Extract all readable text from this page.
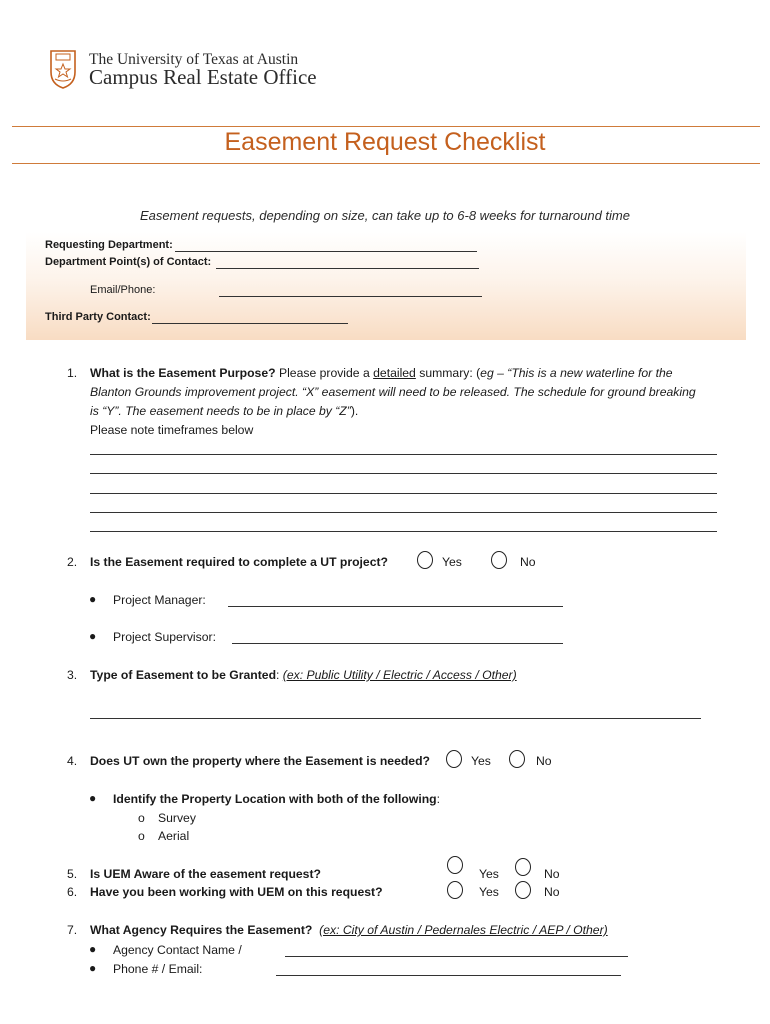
The University of Texas at Austin
Campus Real Estate Office
Easement Request Checklist
Easement requests, depending on size, can take up to 6-8 weeks for turnaround time
Requesting Department:
Department Point(s) of Contact:
Email/Phone:
Third Party Contact:
1. What is the Easement Purpose? Please provide a detailed summary: (eg – “This is a new waterline for the
Blanton Grounds improvement project. “X” easement will need to be released. The schedule for ground breaking
is “Y”. The easement needs to be in place by “Z”).
Please note timeframes below
2. Is the Easement required to complete a UT project?	Yes	No
● Project Manager:
● Project Supervisor:
3. Type of Easement to be Granted: (ex: Public Utility / Electric / Access / Other)
4. Does UT own the property where the Easement is needed?	Yes	No
● Identify the Property Location with both of the following:
o Survey
o Aerial
5. Is UEM Aware of the easement request?	Yes	No
6. Have you been working with UEM on this request?	Yes	No
7. What Agency Requires the Easement? (ex: City of Austin / Pedernales Electric / AEP / Other)
● Agency Contact Name /
● Phone # / Email:
